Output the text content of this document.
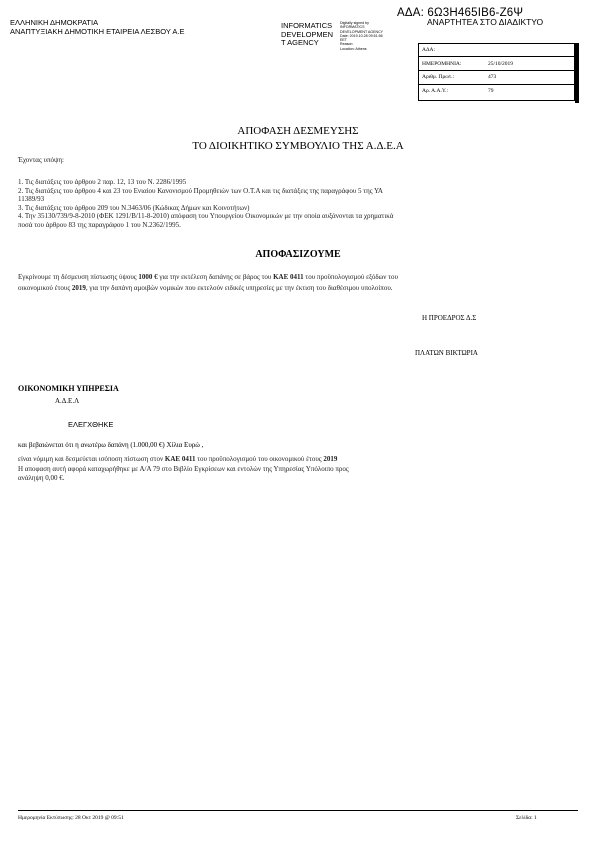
ΕΛΛΗΝΙΚΗ ΔΗΜΟΚΡΑΤΙΑ
ΑΝΑΠΤΥΞΙΑΚΗ ΔΗΜΟΤΙΚΗ ΕΤΑΙΡΕΙΑ ΛΕΣΒΟΥ Α.Ε
INFORMATICS
DEVELOPMEN
T AGENCY
Digitally signed by
INFORMATICS
DEVELOPMENT AGENCY
Date: 2019.10.28 09:51:56
EET
Reason:
Location: Athens
ΑΔΑ: 6Ω3Η465ΙΒ6-Ζ6Ψ
ΑΝΑΡΤΗΤΕΑ ΣΤΟ ΔΙΑΔΙΚΤΥΟ
ΑΔΑ:
ΗΜΕΡΟΜΗΝΙΑ:	25/10/2019
Αριθμ. Πρωτ.:	473
Αρ. Α.Α.Υ.:	79
ΑΠΟΦΑΣΗ ΔΕΣΜΕΥΣΗΣ
ΤΟ ΔΙΟΙΚΗΤΙΚΟ ΣΥΜΒΟΥΛΙΟ ΤΗΣ Α.Δ.Ε.Α
Έχοντας υπόψη:
1. Τις διατάξεις του άρθρου 2 παρ. 12, 13 του Ν. 2286/1995
2. Τις διατάξεις του άρθρου 4 και 23 του Ενιαίου Κανονισμού Προμηθειών των Ο.Τ.Α και τις διατάξεις της παραγράφου 5 της ΥΑ
11389/93
3. Τις διατάξεις του άρθρου 209 του Ν.3463/06 (Κώδικας Δήμων και Κοινοτήτων)
4. Την 35130/739/9-8-2010 (ΦΕΚ 1291/Β/11-8-2010) απόφαση του Υπουργείου Οικονομικών με την οποία αυξάνονται τα χρηματικά
ποσά του άρθρου 83 της παραγράφου 1 του Ν.2362/1995.
ΑΠΟΦΑΣΙΖΟΥΜΕ
Εγκρίνουμε τη δέσμευση πίστωσης ύψους 1000 € για την εκτέλεση δαπάνης σε βάρος του ΚΑΕ 0411 του προϋπολογισμού εξόδων του
οικονομικού έτους 2019, για την δαπάνη αμοιβών νομικών που εκτελούν ειδικές υπηρεσίες με την έκτιση του διαθέσιμου υπολοίπου.
Η ΠΡΟΕΔΡΟΣ Δ.Σ
ΠΛΑΤΩΝ ΒΙΚΤΩΡΙΑ
ΟΙΚΟΝΟΜΙΚΗ ΥΠΗΡΕΣΙΑ
Α.Δ.Ε.Λ
ΕΛΕΓΧΘΗΚΕ
και βεβαιώνεται ότι η ανωτέρω δαπάνη (1.000,00 €) Χίλια Ευρώ ,
είναι νόμιμη και δεσμεύεται ισόποση πίστωση στον ΚΑΕ 0411 του προϋπολογισμού του οικονομικού έτους 2019
Η αποφαση αυτή αφορά καταχωρήθηκε με Α/Α 79 στο Βιβλίο Εγκρίσεων και εντολών της Υπηρεσίας Υπόλοιπο προς
ανάληψη 0,00 €.
Ημερομηνία Εκτύπωσης: 28 Οκτ 2019 @ 09:51	Σελίδα: 1
